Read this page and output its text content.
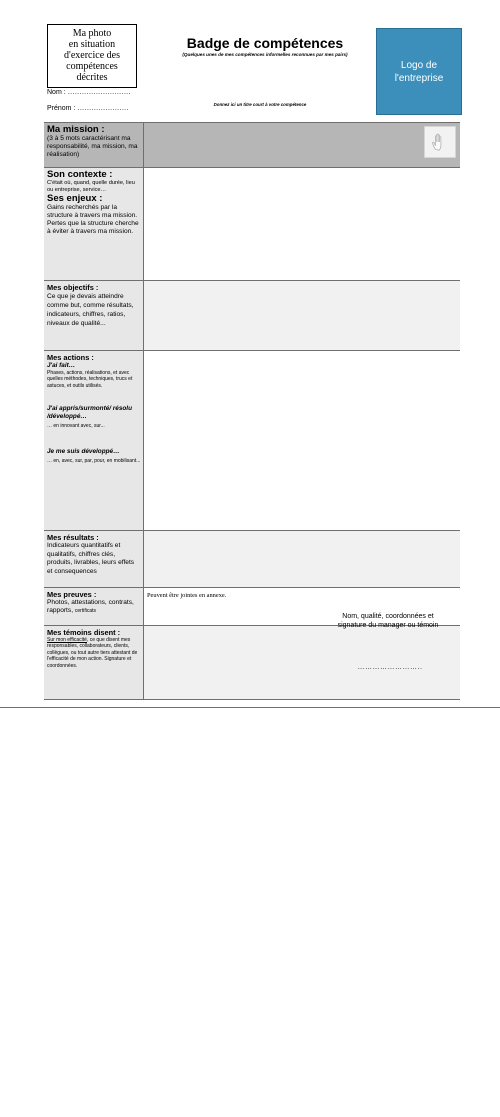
Ma photo
en situation
d'exercice des
compétences
décrites
Badge de compétences
(Quelques unes de mes compétences informelles reconnues par mes pairs)
Logo de
l'entreprise
Nom : ………………………
Prénom : ………………….
Donnez ici un titre court à votre compétence
Ma mission :
(3 à 5 mots caractérisant ma responsabilité, ma mission, ma réalisation)
Son contexte :
C'était où, quand, quelle durée, lieu ou entreprise, service…
Ses enjeux :
Gains recherchés par la structure à travers ma mission.
Pertes que la structure cherche à éviter à travers ma mission.
Mes objectifs :
Ce que je devais atteindre comme but, comme résultats, indicateurs, chiffres, ratios, niveaux de qualité...
Mes actions :
J'ai fait…
Phases, actions, réalisations, et avec quelles méthodes, techniques, trucs et astuces, et outils utilisés.
J'ai appris/surmonté/ résolu /développé…
… en innovant avec, sur...
Je me suis développé…
… en, avec, sur, par, pour, en mobilisant...
Mes résultats :
Indicateurs quantitatifs et qualitatifs, chiffres clés, produits, livrables, leurs effets et consequences
Mes preuves :
Photos, attestations, contrats, rapports, certificats
Peuvent être jointes en annexe.
Mes témoins disent :
Sur mon efficacité, ce que disent mes responsables, collaborateurs, clients, collègues, ou tout autre tiers attestant de l'efficacité de mon action. Signature et coordonnées.	……………………..
Nom, qualité, coordonnées et
signature du manager ou témoin
